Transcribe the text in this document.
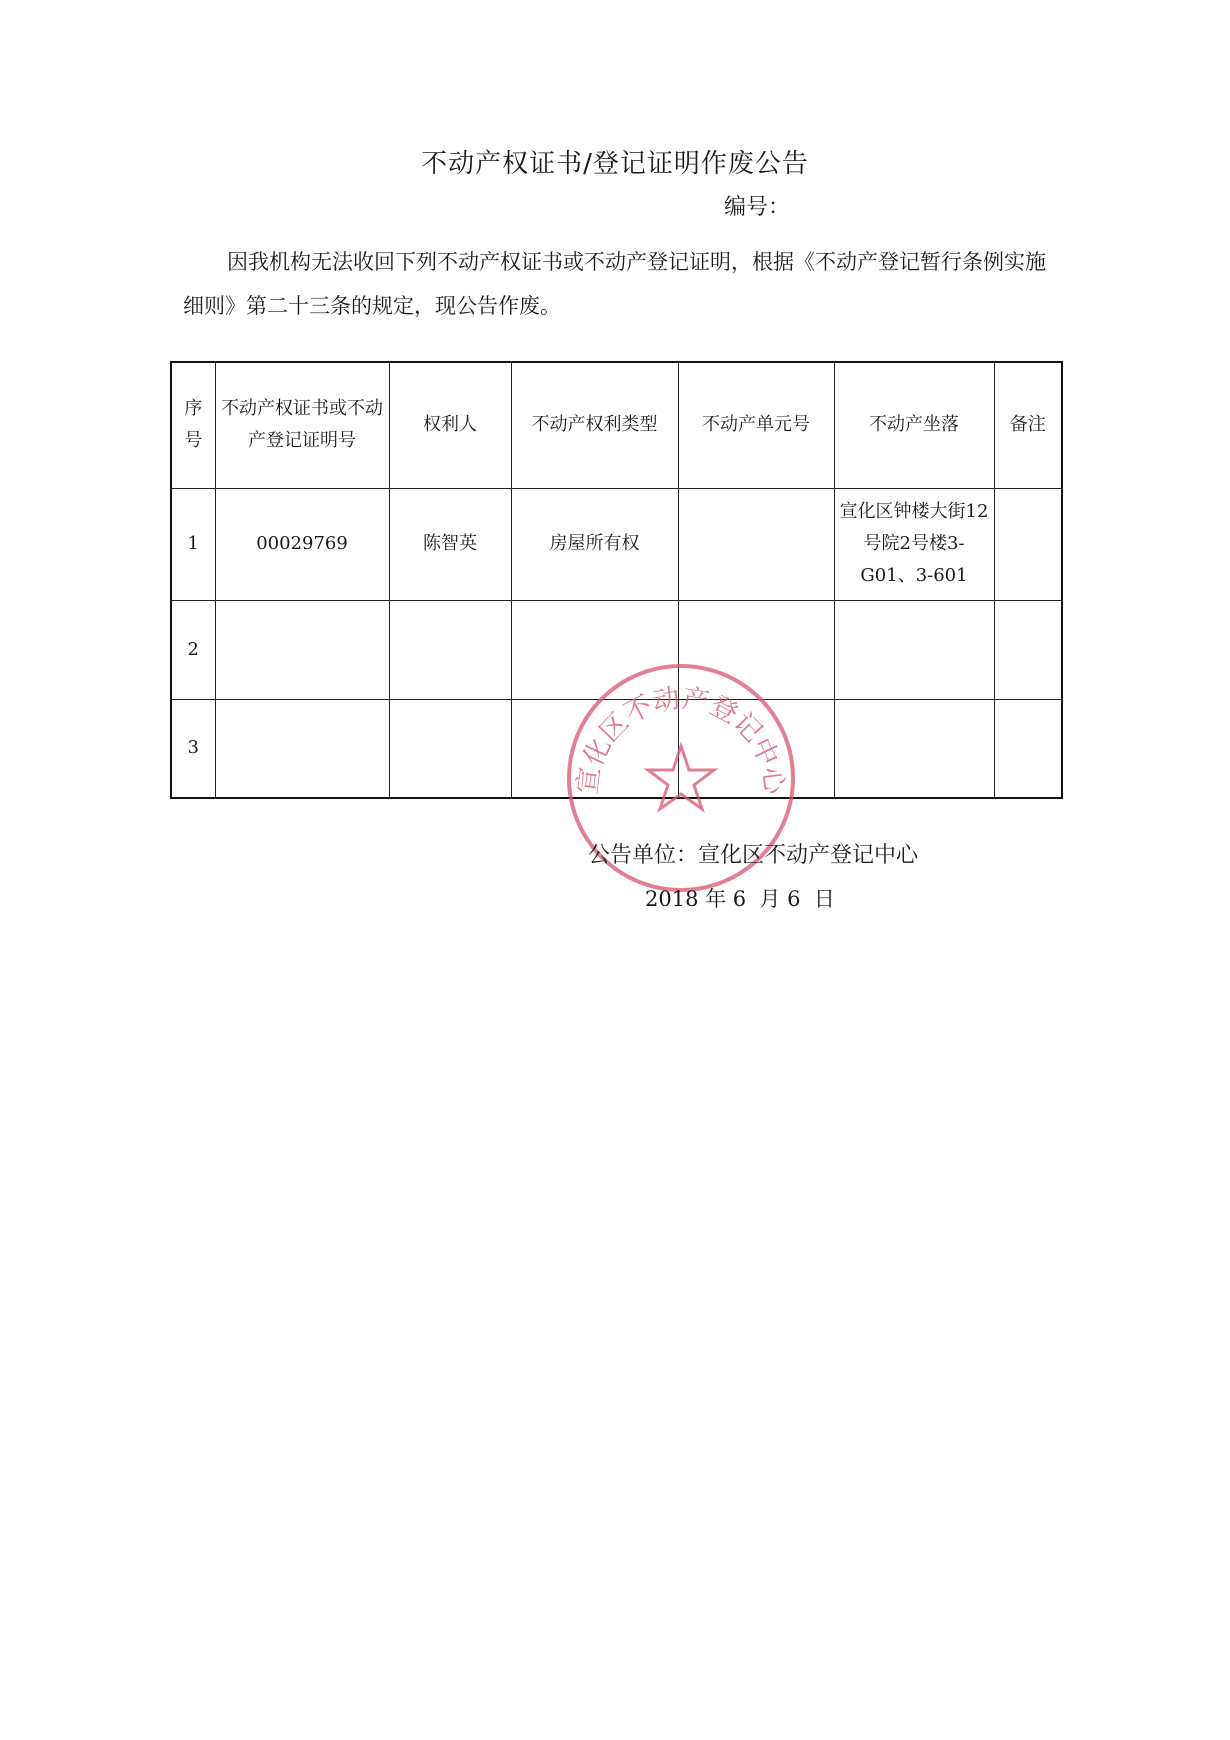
不动产权证书/登记证明作废公告
编号：
因我机构无法收回下列不动产权证书或不动产登记证明，根据《不动产登记暂行条例实施细则》第二十三条的规定，现公告作废。
序号	不动产权证书或不动产登记证明号	权利人	不动产权利类型	不动产单元号	不动产坐落	备注
1	00029769	陈智英	房屋所有权		宣化区钟楼大街12号院2号楼3-G01、3-601	
2						
3						
宣化区不动产登记中心
公告单位：宣化区不动产登记中心
2018 年 6  月 6  日
